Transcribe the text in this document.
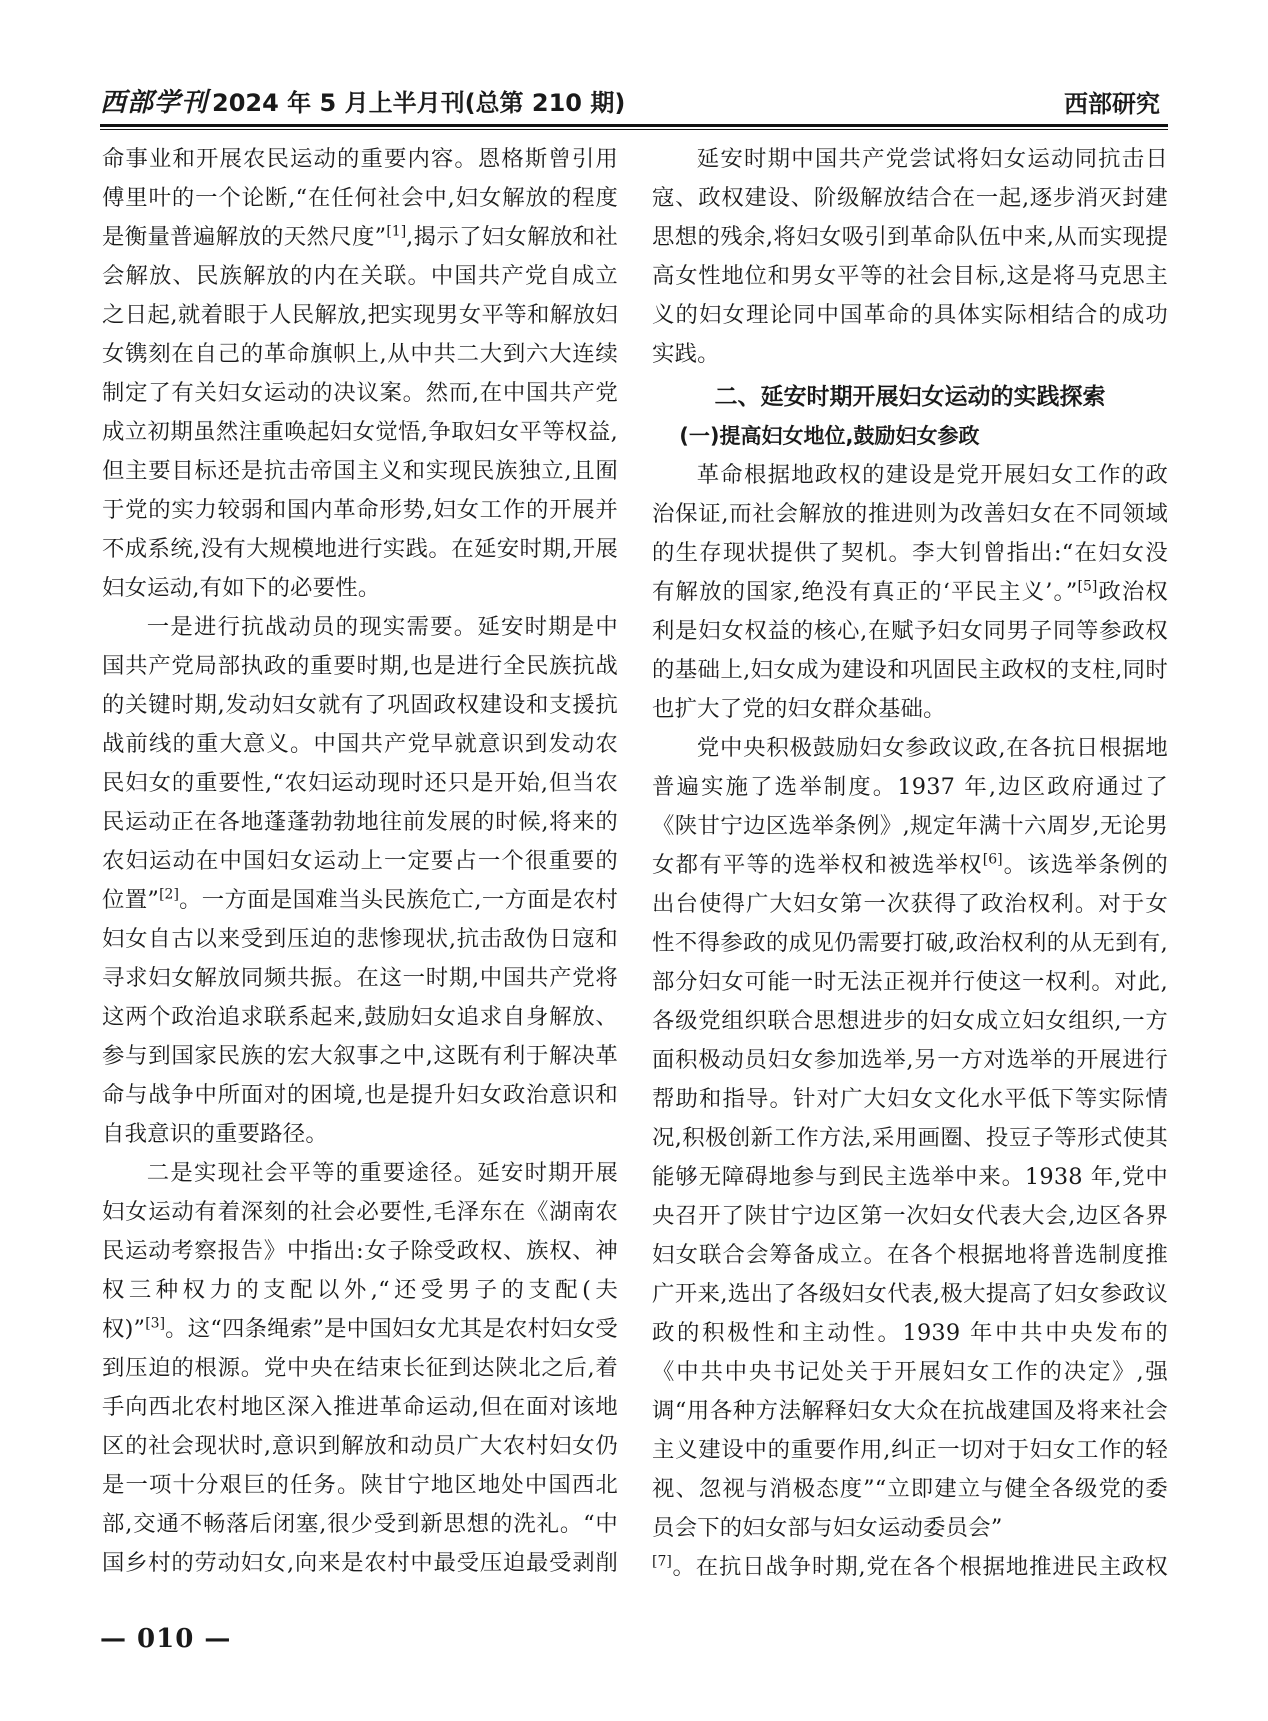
西部学刊 2024 年 5 月上半月刊(总第 210 期)	西部研究

命事业和开展农民运动的重要内容。恩格斯曾引用傅里叶的一个论断,“在任何社会中,妇女解放的程度是衡量普遍解放的天然尺度”[1],揭示了妇女解放和社会解放、民族解放的内在关联。中国共产党自成立之日起,就着眼于人民解放,把实现男女平等和解放妇女镌刻在自己的革命旗帜上,从中共二大到六大连续制定了有关妇女运动的决议案。然而,在中国共产党成立初期虽然注重唤起妇女觉悟,争取妇女平等权益,但主要目标还是抗击帝国主义和实现民族独立,且囿于党的实力较弱和国内革命形势,妇女工作的开展并不成系统,没有大规模地进行实践。在延安时期,开展妇女运动,有如下的必要性。

一是进行抗战动员的现实需要。延安时期是中国共产党局部执政的重要时期,也是进行全民族抗战的关键时期,发动妇女就有了巩固政权建设和支援抗战前线的重大意义。中国共产党早就意识到发动农民妇女的重要性,“农妇运动现时还只是开始,但当农民运动正在各地蓬蓬勃勃地往前发展的时候,将来的农妇运动在中国妇女运动上一定要占一个很重要的位置”[2]。一方面是国难当头民族危亡,一方面是农村妇女自古以来受到压迫的悲惨现状,抗击敌伪日寇和寻求妇女解放同频共振。在这一时期,中国共产党将这两个政治追求联系起来,鼓励妇女追求自身解放、参与到国家民族的宏大叙事之中,这既有利于解决革命与战争中所面对的困境,也是提升妇女政治意识和自我意识的重要路径。

二是实现社会平等的重要途径。延安时期开展妇女运动有着深刻的社会必要性,毛泽东在《湖南农民运动考察报告》中指出:女子除受政权、族权、神权三种权力的支配以外,“还受男子的支配(夫权)”[3]。这“四条绳索”是中国妇女尤其是农村妇女受到压迫的根源。党中央在结束长征到达陕北之后,着手向西北农村地区深入推进革命运动,但在面对该地区的社会现状时,意识到解放和动员广大农村妇女仍是一项十分艰巨的任务。陕甘宁地区地处中国西北部,交通不畅落后闭塞,很少受到新思想的洗礼。“中国乡村的劳动妇女,向来是农村中最受压迫最受剥削

延安时期中国共产党尝试将妇女运动同抗击日寇、政权建设、阶级解放结合在一起,逐步消灭封建思想的残余,将妇女吸引到革命队伍中来,从而实现提高女性地位和男女平等的社会目标,这是将马克思主义的妇女理论同中国革命的具体实际相结合的成功实践。

二、延安时期开展妇女运动的实践探索
(一)提高妇女地位,鼓励妇女参政

革命根据地政权的建设是党开展妇女工作的政治保证,而社会解放的推进则为改善妇女在不同领域的生存现状提供了契机。李大钊曾指出:“在妇女没有解放的国家,绝没有真正的‘平民主义’。”[5]政治权利是妇女权益的核心,在赋予妇女同男子同等参政权的基础上,妇女成为建设和巩固民主政权的支柱,同时也扩大了党的妇女群众基础。

党中央积极鼓励妇女参政议政,在各抗日根据地普遍实施了选举制度。1937 年,边区政府通过了《陕甘宁边区选举条例》,规定年满十六周岁,无论男女都有平等的选举权和被选举权[6]。该选举条例的出台使得广大妇女第一次获得了政治权利。对于女性不得参政的成见仍需要打破,政治权利的从无到有,部分妇女可能一时无法正视并行使这一权利。对此,各级党组织联合思想进步的妇女成立妇女组织,一方面积极动员妇女参加选举,另一方对选举的开展进行帮助和指导。针对广大妇女文化水平低下等实际情况,积极创新工作方法,采用画圈、投豆子等形式使其能够无障碍地参与到民主选举中来。1938 年,党中央召开了陕甘宁边区第一次妇女代表大会,边区各界妇女联合会筹备成立。在各个根据地将普选制度推广开来,选出了各级妇女代表,极大提高了妇女参政议政的积极性和主动性。1939 年中共中央发布的《中共中央书记处关于开展妇女工作的决定》,强调“用各种方法解释妇女大众在抗战建国及将来社会主义建设中的重要作用,纠正一切对于妇女工作的轻视、忽视与消极态度”“立即建立与健全各级党的委员会下的妇女部与妇女运动委员会”

[7]。在抗日战争时期,党在各个根据地推进民主政权

— 010 —
